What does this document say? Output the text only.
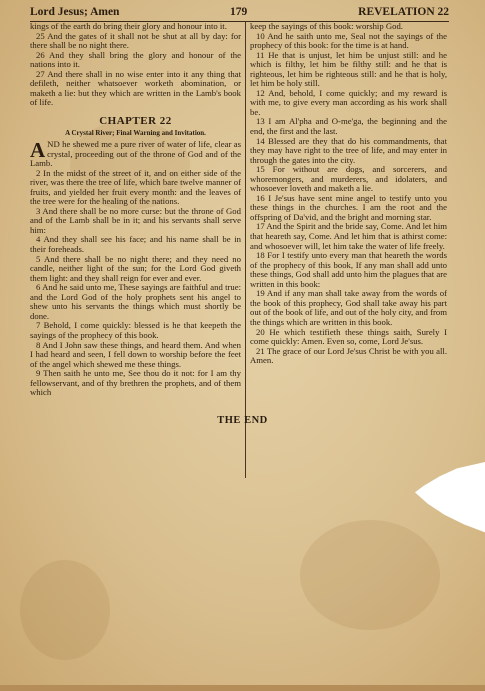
Lord Jesus; Amen	179	REVELATION 22

kings of the earth do bring their glory and honour into it.

25 And the gates of it shall not be shut at all by day: for there shall be no night there.

26 And they shall bring the glory and honour of the nations into it.

27 And there shall in no wise enter into it any thing that defileth, neither whatsoever worketh abomination, or maketh a lie: but they which are written in the Lamb's book of life.

CHAPTER 22
A Crystal River; Final Warning and Invitation.

AND he shewed me a pure river of water of life, clear as crystal, proceeding out of the throne of God and of the Lamb.

2 In the midst of the street of it, and on either side of the river, was there the tree of life, which bare twelve manner of fruits, and yielded her fruit every month: and the leaves of the tree were for the healing of the nations.

3 And there shall be no more curse: but the throne of God and of the Lamb shall be in it; and his servants shall serve him:

4 And they shall see his face; and his name shall be in their foreheads.

5 And there shall be no night there; and they need no candle, neither light of the sun; for the Lord God giveth them light: and they shall reign for ever and ever.

6 And he said unto me, These sayings are faithful and true: and the Lord God of the holy prophets sent his angel to shew unto his servants the things which must shortly be done.

7 Behold, I come quickly: blessed is he that keepeth the sayings of the prophecy of this book.

8 And I John saw these things, and heard them. And when I had heard and seen, I fell down to worship before the feet of the angel which shewed me these things.

9 Then saith he unto me, See thou do it not: for I am thy fellowservant, and of thy brethren the prophets, and of them which

keep the sayings of this book: worship God.

10 And he saith unto me, Seal not the sayings of the prophecy of this book: for the time is at hand.

11 He that is unjust, let him be unjust still: and he which is filthy, let him be filthy still: and he that is righteous, let him be righteous still: and he that is holy, let him be holy still.

12 And, behold, I come quickly; and my reward is with me, to give every man according as his work shall be.

13 I am Al'pha and O-me'ga, the beginning and the end, the first and the last.

14 Blessed are they that do his commandments, that they may have right to the tree of life, and may enter in through the gates into the city.

15 For without are dogs, and sorcerers, and whoremongers, and murderers, and idolaters, and whosoever loveth and maketh a lie.

16 I Je'sus have sent mine angel to testify unto you these things in the churches. I am the root and the offspring of Da'vid, and the bright and morning star.

17 And the Spirit and the bride say, Come. And let him that heareth say, Come. And let him that is athirst come: and whosoever will, let him take the water of life freely.

18 For I testify unto every man that heareth the words of the prophecy of this book, If any man shall add unto these things, God shall add unto him the plagues that are written in this book:

19 And if any man shall take away from the words of the book of this prophecy, God shall take away his part out of the book of life, and out of the holy city, and from the things which are written in this book.

20 He which testifieth these things saith, Surely I come quickly: Amen. Even so, come, Lord Je'sus.

21 The grace of our Lord Je'sus Christ be with you all. Amen.

THE END
